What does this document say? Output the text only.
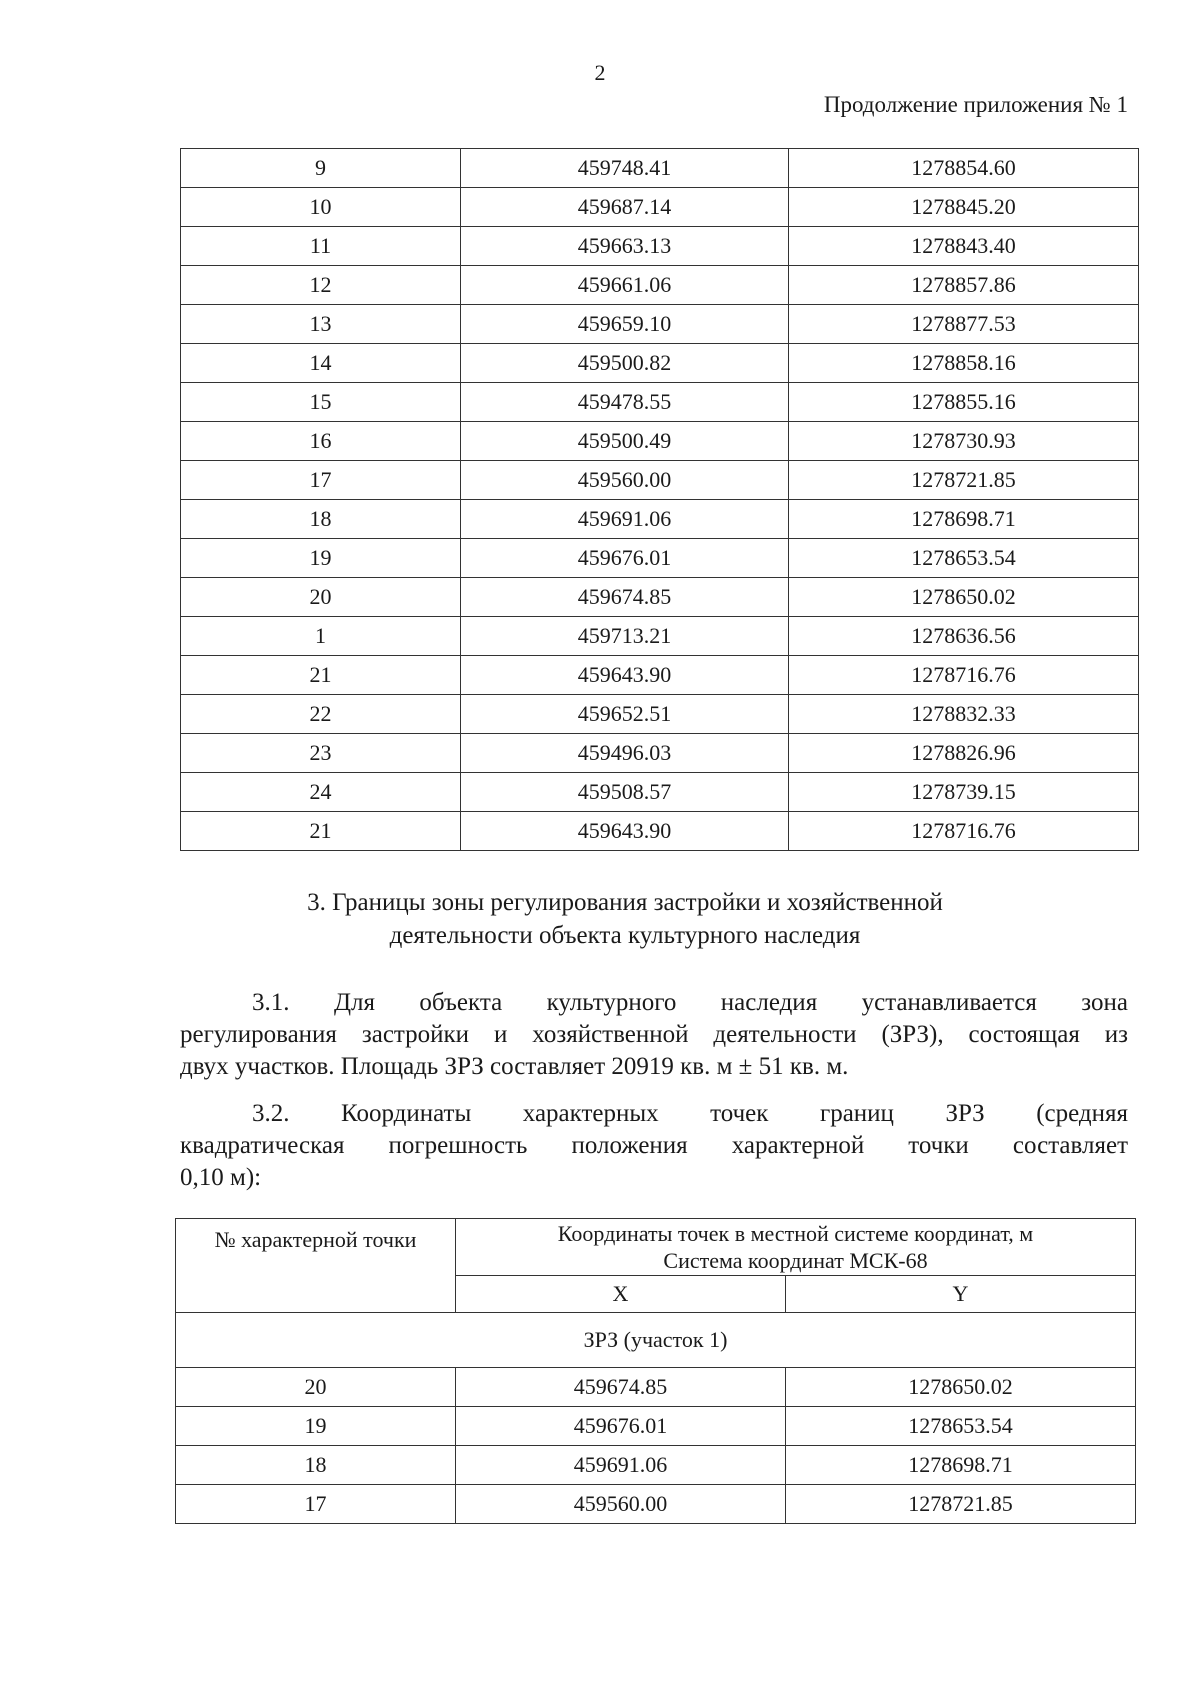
2
Продолжение приложения № 1
9	459748.41	1278854.60
10	459687.14	1278845.20
11	459663.13	1278843.40
12	459661.06	1278857.86
13	459659.10	1278877.53
14	459500.82	1278858.16
15	459478.55	1278855.16
16	459500.49	1278730.93
17	459560.00	1278721.85
18	459691.06	1278698.71
19	459676.01	1278653.54
20	459674.85	1278650.02
1	459713.21	1278636.56
21	459643.90	1278716.76
22	459652.51	1278832.33
23	459496.03	1278826.96
24	459508.57	1278739.15
21	459643.90	1278716.76
3. Границы зоны регулирования застройки и хозяйственной
деятельности объекта культурного наследия
3.1. Для объекта культурного наследия устанавливается зона
регулирования застройки и хозяйственной деятельности (ЗРЗ), состоящая из
двух участков. Площадь ЗРЗ составляет 20919 кв. м ± 51 кв. м.
3.2. Координаты характерных точек границ ЗРЗ (средняя
квадратическая погрешность положения характерной точки составляет
0,10 м):
№ характерной точки	Координаты точек в местной системе координат, м
Система координат МСК-68	

	X	Y
ЗРЗ (участок 1)		
20	459674.85	1278650.02
19	459676.01	1278653.54
18	459691.06	1278698.71
17	459560.00	1278721.85
